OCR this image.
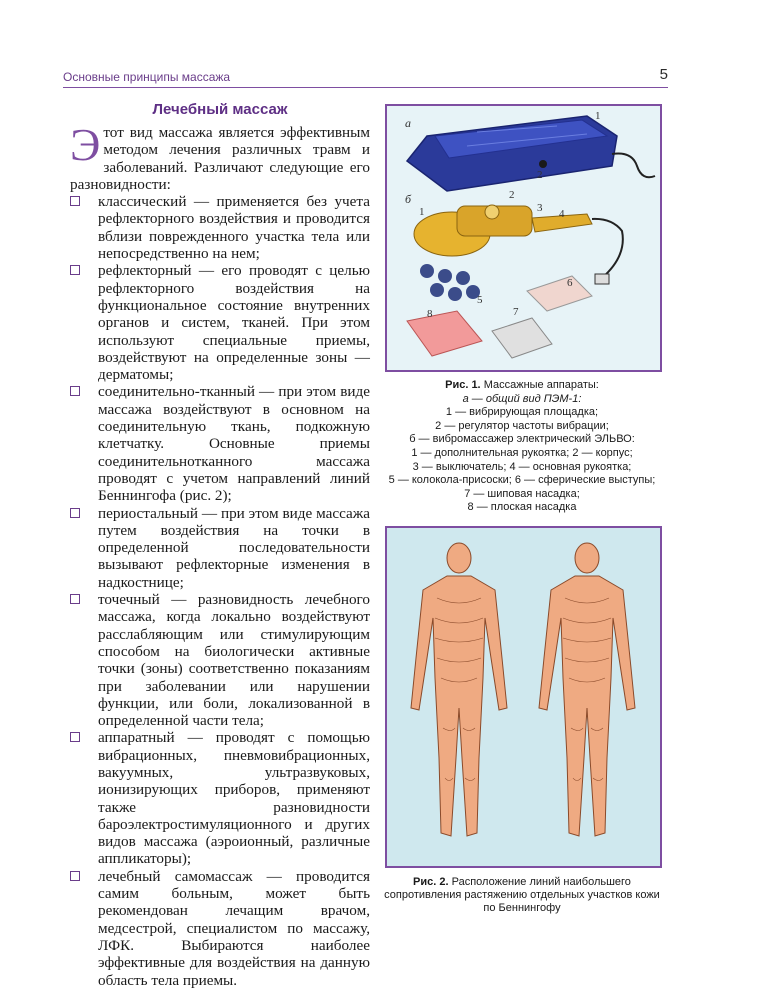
Основные принципы массажа	5
Лечебный массаж

Этот вид массажа является эффективным методом лечения различных травм и заболеваний. Различают следующие его разновидности:

классический — применяется без учета рефлекторного воздействия и проводится вблизи поврежденного участка тела или непосредственно на нем;
рефлекторный — его проводят с целью рефлекторного воздействия на функциональное состояние внутренних органов и систем, тканей. При этом используют специальные приемы, воздействуют на определенные зоны — дерматомы;
соединительно-тканный — при этом виде массажа воздействуют в основном на соединительную ткань, подкожную клетчатку. Основные приемы соединительнотканного массажа проводят с учетом направлений линий Беннингофа (рис. 2);
периостальный — при этом виде массажа путем воздействия на точки в определенной последовательности вызывают рефлекторные изменения в надкостнице;
точечный — разновидность лечебного массажа, когда локально воздействуют расслабляющим или стимулирующим способом на биологически активные точки (зоны) соответственно показаниям при заболевании или нарушении функции, или боли, локализованной в определенной части тела;
аппаратный — проводят с помощью вибрационных, пневмовибрационных, вакуумных, ультразвуковых, ионизирующих приборов, применяют также разновидности бароэлектростимуляционного и других видов массажа (аэроионный, различные аппликаторы);
лечебный самомассаж — проводится самим больным, может быть рекомендован лечащим врачом, медсестрой, специалистом по массажу, ЛФК. Выбираются наиболее эффективные для воздействия на данную область тела приемы.
а	1
2
б
1
2
3 4
5
6
7
8
Рис. 1. Массажные аппараты:
а — общий вид ПЭМ-1:
1 — вибрирующая площадка;
2 — регулятор частоты вибрации;
б — вибромассажер электрический ЭЛЬВО:
1 — дополнительная рукоятка; 2 — корпус;
3 — выключатель; 4 — основная рукоятка;
5 — колокола-присоски; 6 — сферические выступы;
7 — шиповая насадка;
8 — плоская насадка
Рис. 2. Расположение линий наибольшего сопротивления растяжению отдельных участков кожи по Беннингофу
